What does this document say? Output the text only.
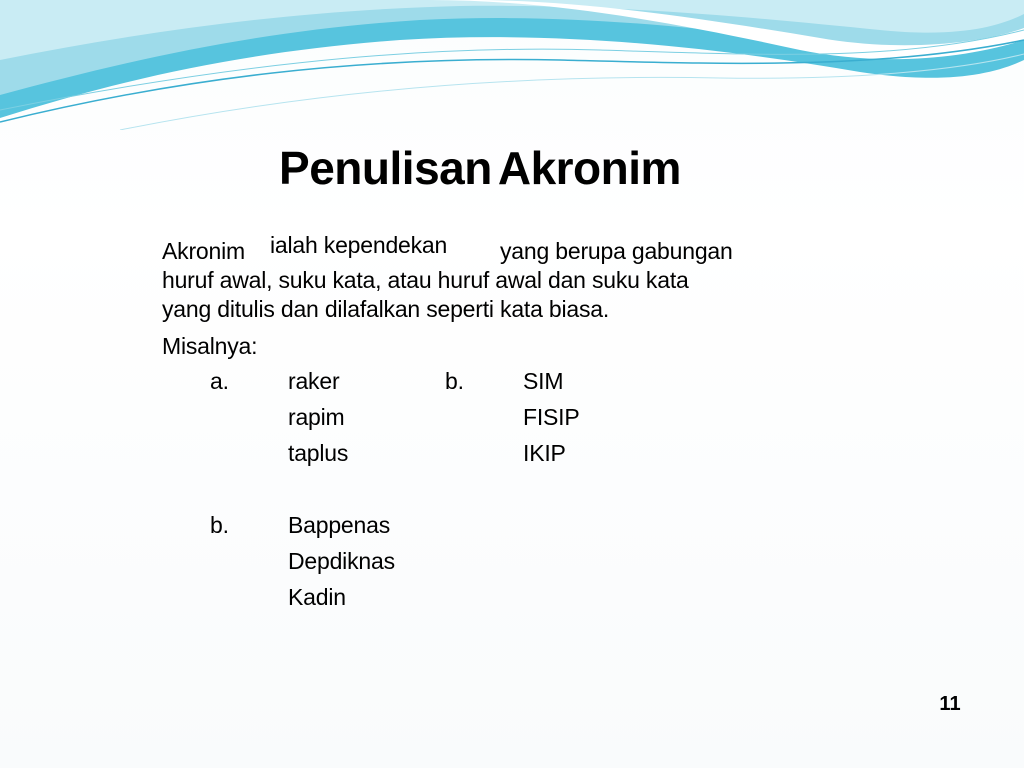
Penulisan Akronim
Akronim ialah kependekan yang berupa gabungan
huruf awal, suku kata, atau huruf awal dan suku kata
yang ditulis dan dilafalkan seperti kata biasa.
Misalnya:
a.	raker
rapim
taplus
b.	SIM
FISIP
IKIP
b.	Bappenas
Depdiknas
Kadin
11
